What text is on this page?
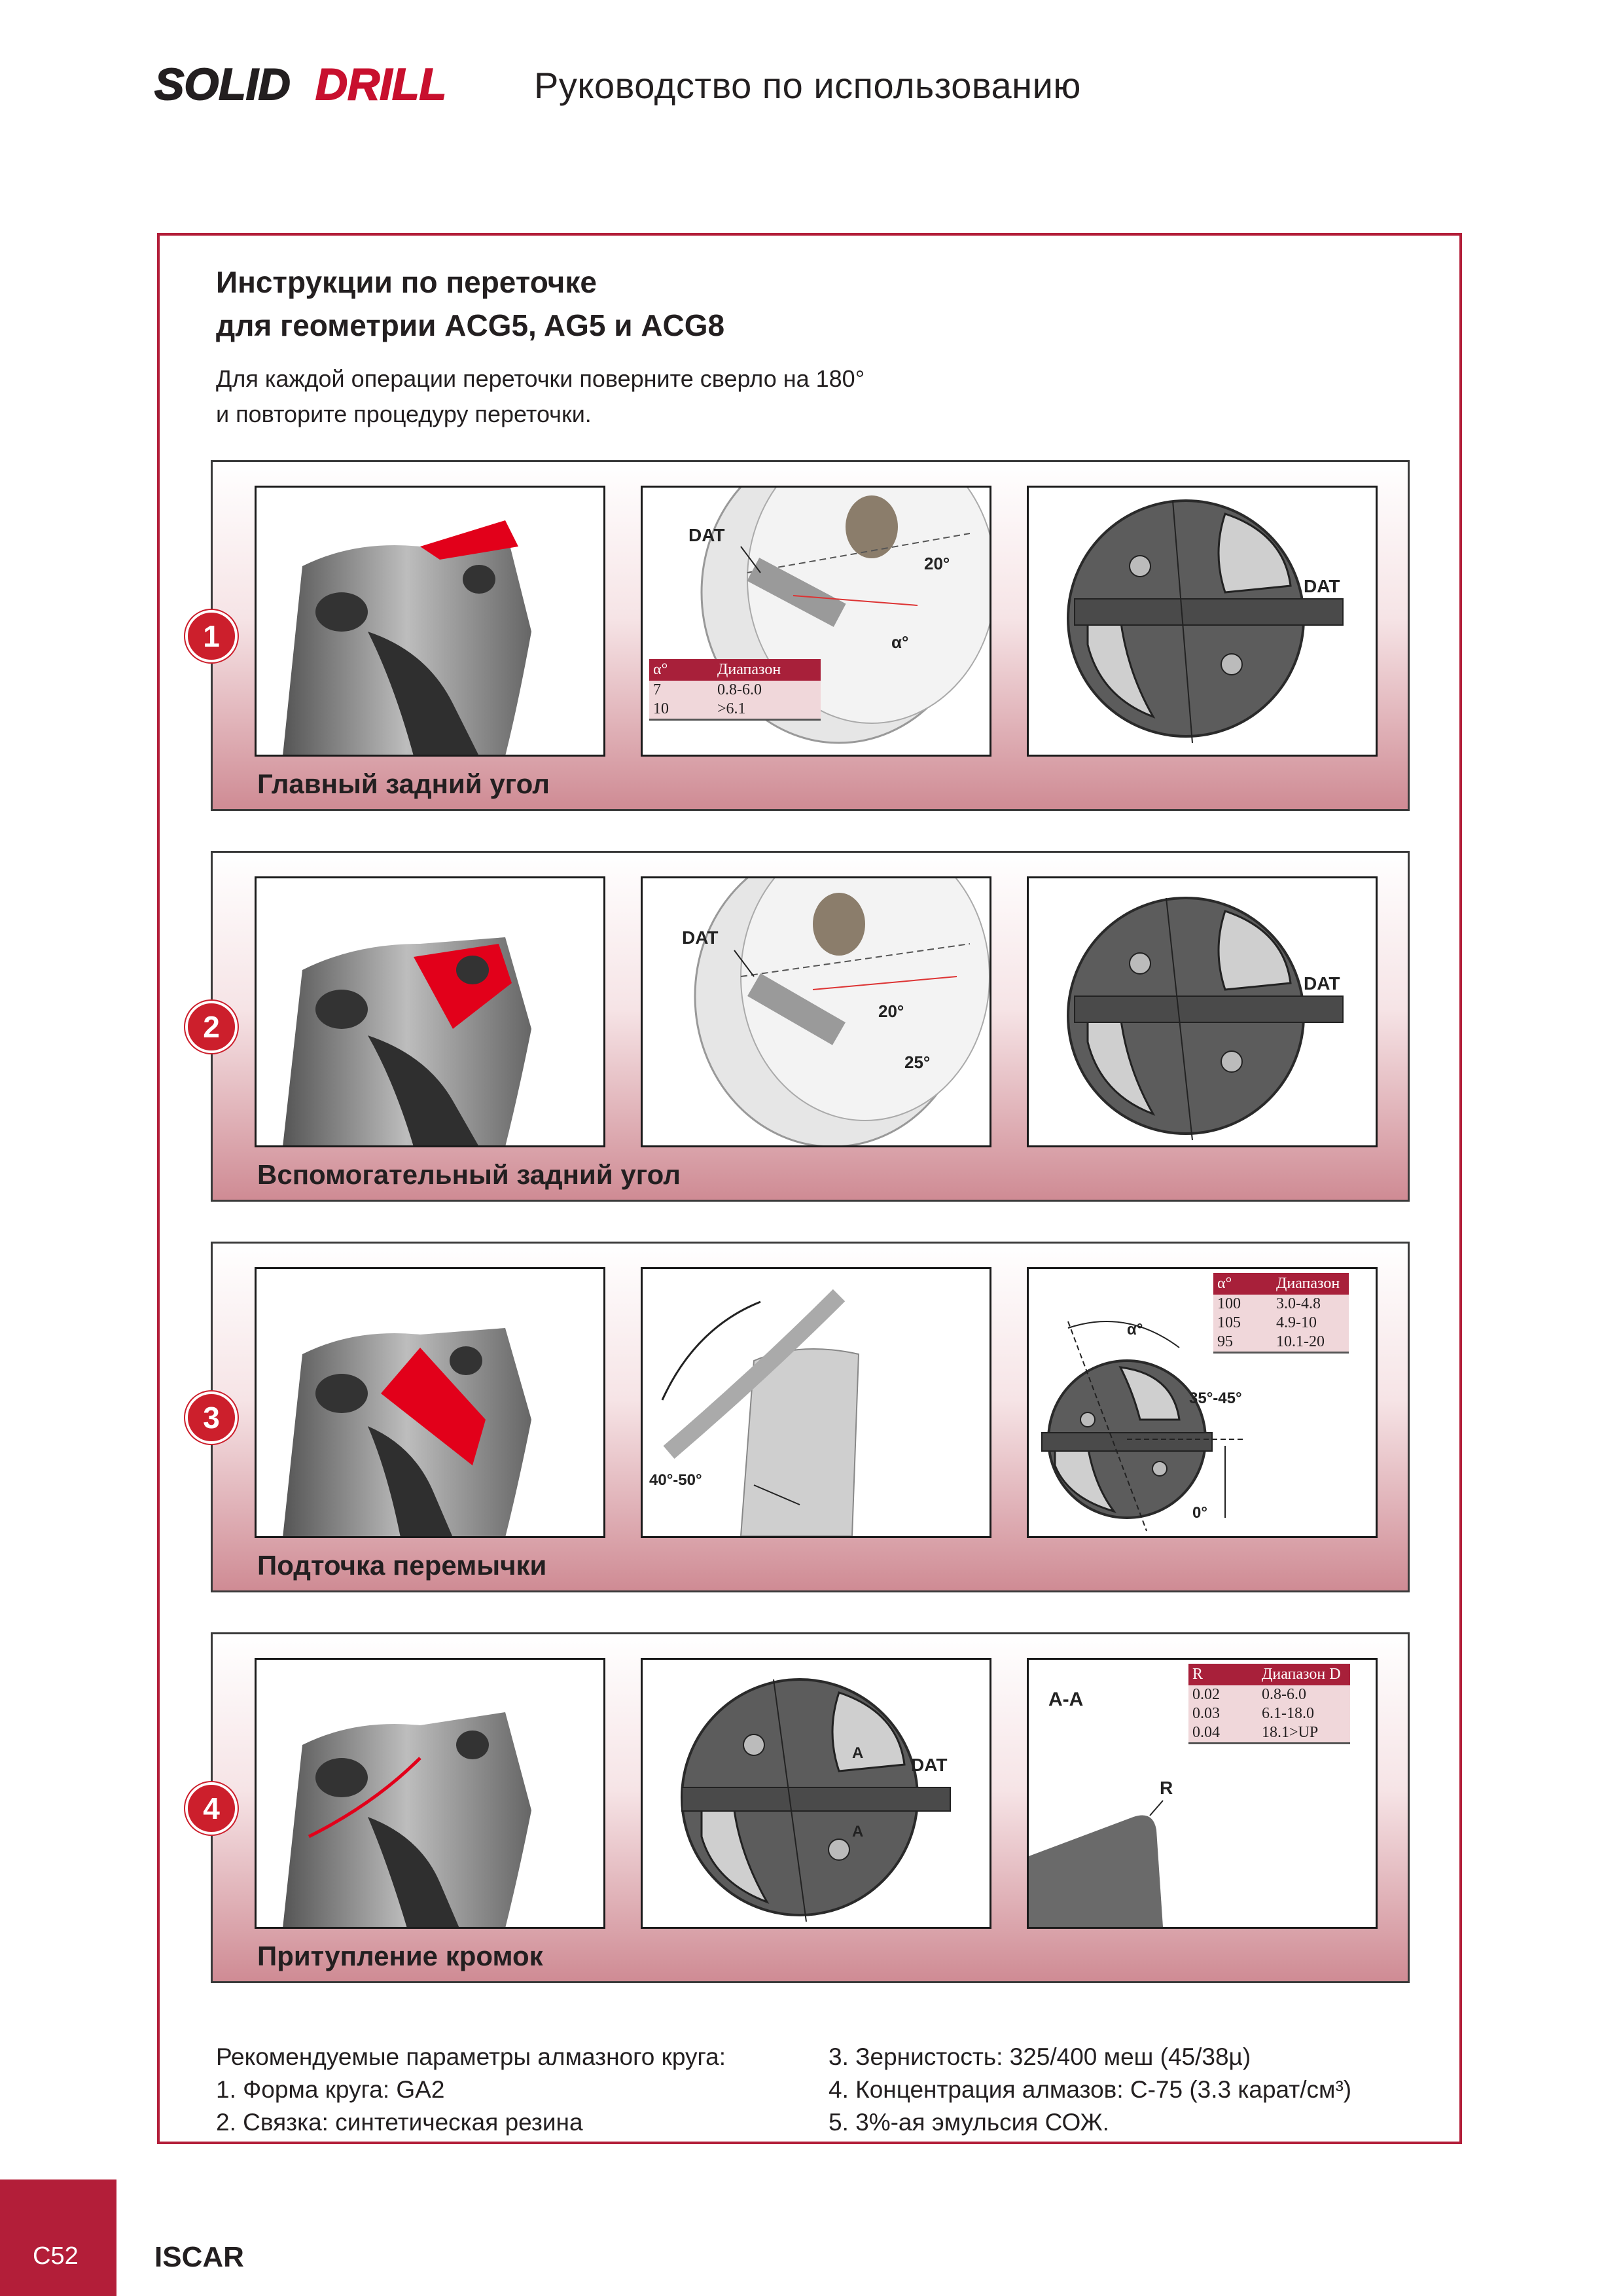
SOLID DRILL Руководство по использованию
Инструкции по переточке
для геометрии ACG5, AG5 и ACG8
Для каждой операции переточки поверните сверло на 180°
и повторите процедуру переточки.
1
DAT
20°
α°
α°	Диапазон
7	0.8-6.0
10	>6.1
DAT
Главный задний угол
2
DAT
20°
25°
DAT
Вспомогательный задний угол
3
40°-50°
α°
35°-45°
0°
α°	Диапазон
100	3.0-4.8
105	4.9-10
95	10.1-20
Подточка перемычки
4
DAT
A
A
A-A
R
R	Диапазон D
0.02	0.8-6.0
0.03	6.1-18.0
0.04	18.1>UP
Притупление кромок
Рекомендуемые параметры алмазного круга:
1. Форма круга: GA2
2. Связка: синтетическая резина
3. Зернистость: 325/400 меш (45/38µ)
4. Концентрация алмазов: C-75 (3.3 карат/см³)
5. 3%-ая эмульсия СОЖ.
C52	ISCAR
